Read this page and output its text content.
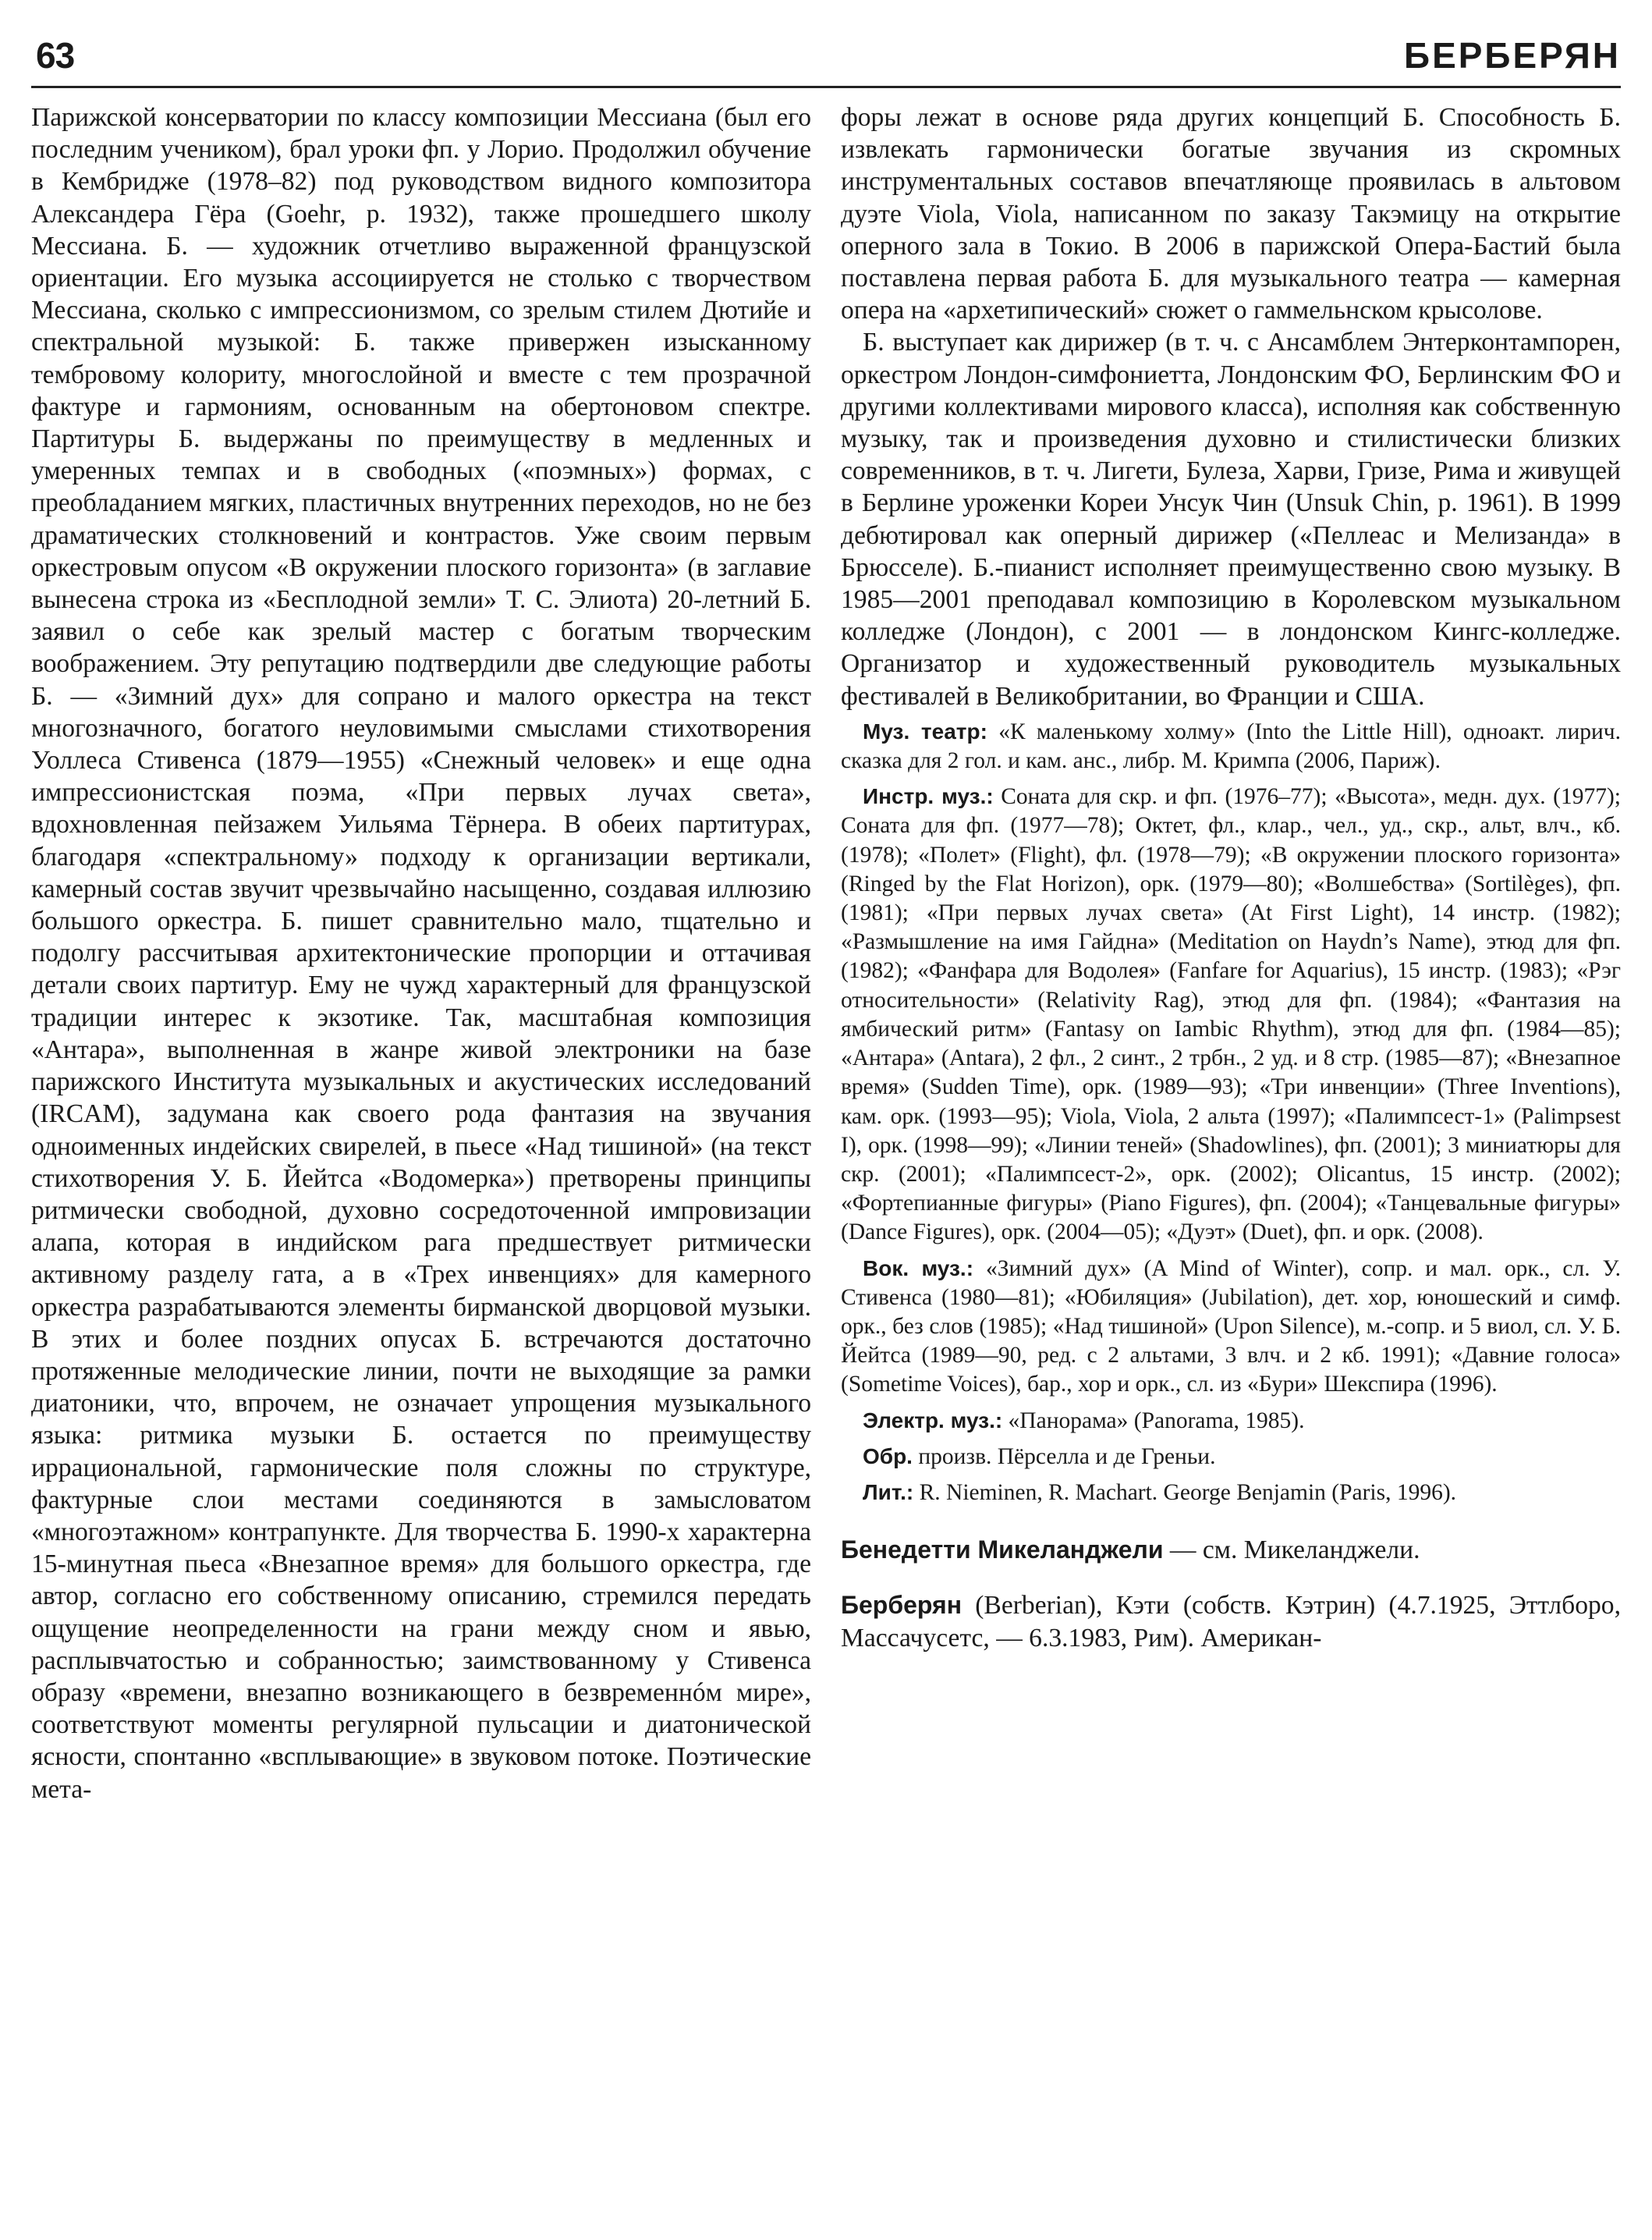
63	БЕРБЕРЯН

Парижской консерватории по классу композиции Мессиана (был его последним учеником), брал уроки фп. у Лорио. Продолжил обучение в Кембридже (1978–82) под руководством видного композитора Александера Гёра (Goehr, р. 1932), также прошедшего школу Мессиана. Б. — художник отчетливо выраженной французской ориентации. Его музыка ассоциируется не столько с творчеством Мессиана, сколько с импрессионизмом, со зрелым стилем Дютийе и спектральной музыкой: Б. также привержен изысканному тембровому колориту, многослойной и вместе с тем прозрачной фактуре и гармониям, основанным на обертоновом спектре. Партитуры Б. выдержаны по преимуществу в медленных и умеренных темпах и в свободных («поэмных») формах, с преобладанием мягких, пластичных внутренних переходов, но не без драматических столкновений и контрастов. Уже своим первым оркестровым опусом «В окружении плоского горизонта» (в заглавие вынесена строка из «Бесплодной земли» Т. С. Элиота) 20-летний Б. заявил о себе как зрелый мастер с богатым творческим воображением. Эту репутацию подтвердили две следующие работы Б. — «Зимний дух» для сопрано и малого оркестра на текст многозначного, богатого неуловимыми смыслами стихотворения Уоллеса Стивенса (1879—1955) «Снежный человек» и еще одна импрессионистская поэма, «При первых лучах света», вдохновленная пейзажем Уильяма Тёрнера. В обеих партитурах, благодаря «спектральному» подходу к организации вертикали, камерный состав звучит чрезвычайно насыщенно, создавая иллюзию большого оркестра. Б. пишет сравнительно мало, тщательно и подолгу рассчитывая архитектонические пропорции и оттачивая детали своих партитур. Ему не чужд характерный для французской традиции интерес к экзотике. Так, масштабная композиция «Антара», выполненная в жанре живой электроники на базе парижского Института музыкальных и акустических исследований (IRCAM), задумана как своего рода фантазия на звучания одноименных индейских свирелей, в пьесе «Над тишиной» (на текст стихотворения У. Б. Йейтса «Водомерка») претворены принципы ритмически свободной, духовно сосредоточенной импровизации алапа, которая в индийском рага предшествует ритмически активному разделу гата, а в «Трех инвенциях» для камерного оркестра разрабатываются элементы бирманской дворцовой музыки. В этих и более поздних опусах Б. встречаются достаточно протяженные мелодические линии, почти не выходящие за рамки диатоники, что, впрочем, не означает упрощения музыкального языка: ритмика музыки Б. остается по преимуществу иррациональной, гармонические поля сложны по структуре, фактурные слои местами соединяются в замысловатом «многоэтажном» контрапункте. Для творчества Б. 1990-х характерна 15-минутная пьеса «Внезапное время» для большого оркестра, где автор, согласно его собственному описанию, стремился передать ощущение неопределенности на грани между сном и явью, расплывчатостью и собранностью; заимствованному у Стивенса образу «времени, внезапно возникающего в безвременнóм мире», соответствуют моменты регулярной пульсации и диатонической ясности, спонтанно «всплывающие» в звуковом потоке. Поэтические мета-

форы лежат в основе ряда других концепций Б. Способность Б. извлекать гармонически богатые звучания из скромных инструментальных составов впечатляюще проявилась в альтовом дуэте Viola, Viola, написанном по заказу Такэмицу на открытие оперного зала в Токио. В 2006 в парижской Опера-Бастий была поставлена первая работа Б. для музыкального театра — камерная опера на «архетипический» сюжет о гаммельнском крысолове.

Б. выступает как дирижер (в т. ч. с Ансамблем Энтерконтампорен, оркестром Лондон-симфониетта, Лондонским ФО, Берлинским ФО и другими коллективами мирового класса), исполняя как собственную музыку, так и произведения духовно и стилистически близких современников, в т. ч. Лигети, Булеза, Харви, Гризе, Рима и живущей в Берлине уроженки Кореи Унсук Чин (Unsuk Chin, р. 1961). В 1999 дебютировал как оперный дирижер («Пеллеас и Мелизанда» в Брюсселе). Б.-пианист исполняет преимущественно свою музыку. В 1985—2001 преподавал композицию в Королевском музыкальном колледже (Лондон), с 2001 — в лондонском Кингс-колледже. Организатор и художественный руководитель музыкальных фестивалей в Великобритании, во Франции и США.

Муз. театр: «К маленькому холму» (Into the Little Hill), одноакт. лирич. сказка для 2 гол. и кам. анс., либр. М. Кримпа (2006, Париж).

Инстр. муз.: Соната для скр. и фп. (1976–77); «Высота», медн. дух. (1977); Соната для фп. (1977—78); Октет, фл., клар., чел., уд., скр., альт, влч., кб. (1978); «Полет» (Flight), фл. (1978—79); «В окружении плоского горизонта» (Ringed by the Flat Horizon), орк. (1979—80); «Волшебства» (Sortilèges), фп. (1981); «При первых лучах света» (At First Light), 14 инстр. (1982); «Размышление на имя Гайдна» (Meditation on Haydn’s Name), этюд для фп. (1982); «Фанфара для Водолея» (Fanfare for Aquarius), 15 инстр. (1983); «Рэг относительности» (Relativity Rag), этюд для фп. (1984); «Фантазия на ямбический ритм» (Fantasy on Iambic Rhythm), этюд для фп. (1984—85); «Антара» (Antara), 2 фл., 2 синт., 2 трбн., 2 уд. и 8 стр. (1985—87); «Внезапное время» (Sudden Time), орк. (1989—93); «Три инвенции» (Three Inventions), кам. орк. (1993—95); Viola, Viola, 2 альта (1997); «Палимпсест-1» (Palimpsest I), орк. (1998—99); «Линии теней» (Shadowlines), фп. (2001); 3 миниатюры для скр. (2001); «Палимпсест-2», орк. (2002); Olicantus, 15 инстр. (2002); «Фортепианные фигуры» (Piano Figures), фп. (2004); «Танцевальные фигуры» (Dance Figures), орк. (2004—05); «Дуэт» (Duet), фп. и орк. (2008).

Вок. муз.: «Зимний дух» (A Mind of Winter), сопр. и мал. орк., сл. У. Стивенса (1980—81); «Юбиляция» (Jubilation), дет. хор, юношеский и симф. орк., без слов (1985); «Над тишиной» (Upon Silence), м.-сопр. и 5 виол, сл. У. Б. Йейтса (1989—90, ред. с 2 альтами, 3 влч. и 2 кб. 1991); «Давние голоса» (Sometime Voices), бар., хор и орк., сл. из «Бури» Шекспира (1996).

Электр. муз.: «Панорама» (Panorama, 1985).

Обр. произв. Пёрселла и де Греньи.

Лит.: R. Nieminen, R. Machart. George Benjamin (Paris, 1996).

Бенедетти Микеланджели — см. Микеланджели.

Берберян (Berberian), Кэти (собств. Кэтрин) (4.7.1925, Эттлборо, Массачусетс, — 6.3.1983, Рим). Американ-
